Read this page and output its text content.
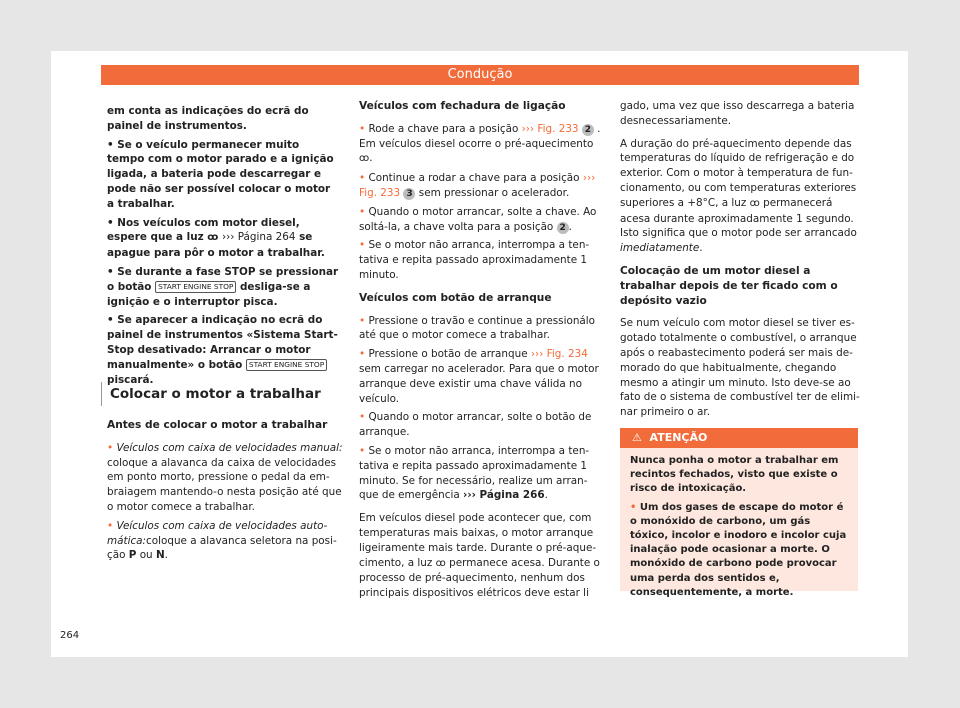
Condução

em conta as indicações do ecrã do painel de instrumentos.

• Se o veículo permanecer muito tempo com o motor parado e a ignição ligada, a bateria pode descarregar e pode não ser possível colocar o motor a trabalhar.

• Nos veículos com motor diesel, espere que a luz ꝏ ››› Página 264 se apague para pôr o motor a trabalhar.

• Se durante a fase STOP se pressionar o botão START ENGINE STOP desliga-se a ignição e o interruptor pisca.

• Se aparecer a indicação no ecrã do painel de instrumentos «Sistema Start-Stop desativado: Arrancar o motor manualmente» o botão START ENGINE STOP piscará.

Colocar o motor a trabalhar

Antes de colocar o motor a trabalhar

• Veículos com caixa de velocidades manual: coloque a alavanca da caixa de velocidades em ponto morto, pressione o pedal da embraiagem mantendo-o nesta posição até que o motor comece a trabalhar.

• Veículos com caixa de velocidades automática:coloque a alavanca seletora na posição P ou N.

Veículos com fechadura de ligação

• Rode a chave para a posição ››› Fig. 233 2 . Em veículos diesel ocorre o pré-aquecimento ꝏ.

• Continue a rodar a chave para a posição ››› Fig. 233 3 sem pressionar o acelerador.

• Quando o motor arrancar, solte a chave. Ao soltá-la, a chave volta para a posição 2 .

• Se o motor não arranca, interrompa a tentativa e repita passado aproximadamente 1 minuto.

Veículos com botão de arranque

• Pressione o travão e continue a pressionálo até que o motor comece a trabalhar.

• Pressione o botão de arranque ››› Fig. 234 sem carregar no acelerador. Para que o motor arranque deve existir uma chave válida no veículo.

• Quando o motor arrancar, solte o botão de arranque.

• Se o motor não arranca, interrompa a tentativa e repita passado aproximadamente 1 minuto. Se for necessário, realize um arranque de emergência ››› Página 266.

Em veículos diesel pode acontecer que, com temperaturas mais baixas, o motor arranque ligeiramente mais tarde. Durante o pré-aquecimento, a luz ꝏ permanece acesa. Durante o processo de pré-aquecimento, nenhum dos principais dispositivos elétricos deve estar li

gado, uma vez que isso descarrega a bateria desnecessariamente.

A duração do pré-aquecimento depende das temperaturas do líquido de refrigeração e do exterior. Com o motor à temperatura de funcionamento, ou com temperaturas exteriores superiores a +8°C, a luz ꝏ permanecerá acesa durante aproximadamente 1 segundo. Isto significa que o motor pode ser arrancado imediatamente.

Colocação de um motor diesel a trabalhar depois de ter ficado com o depósito vazio

Se num veículo com motor diesel se tiver esgotado totalmente o combustível, o arranque após o reabastecimento poderá ser mais demorado do que habitualmente, chegando mesmo a atingir um minuto. Isto deve-se ao fato de o sistema de combustível ter de eliminar primeiro o ar.

⚠ ATENÇÃO

Nunca ponha o motor a trabalhar em recintos fechados, visto que existe o risco de intoxicação.

• Um dos gases de escape do motor é o monóxido de carbono, um gás tóxico, incolor e inodoro e incolor cuja inalação pode ocasionar a morte. O monóxido de carbono pode provocar uma perda dos sentidos e, consequentemente, a morte.

264
